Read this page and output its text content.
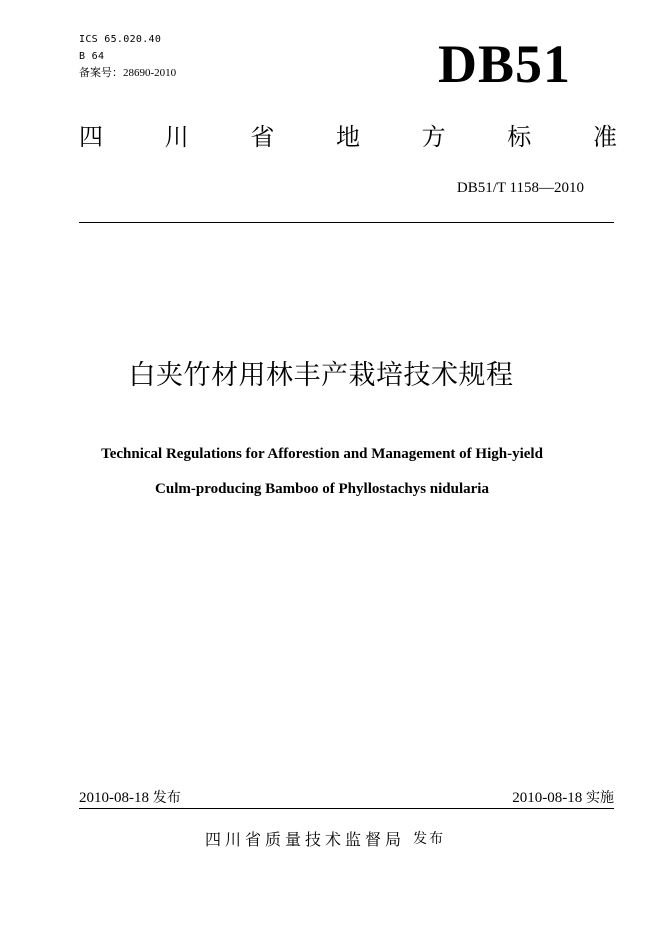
ICS 65.020.40
B 64
备案号：28690-2010	DB51
四	川	省	地	方	标	准
DB51/T 1158—2010
白夹竹材用林丰产栽培技术规程
Technical Regulations for Afforestion and Management of High-yield
Culm-producing Bamboo of Phyllostachys nidularia
2010-08-18 发布	2010-08-18 实施
四川省质量技术监督局 发布
